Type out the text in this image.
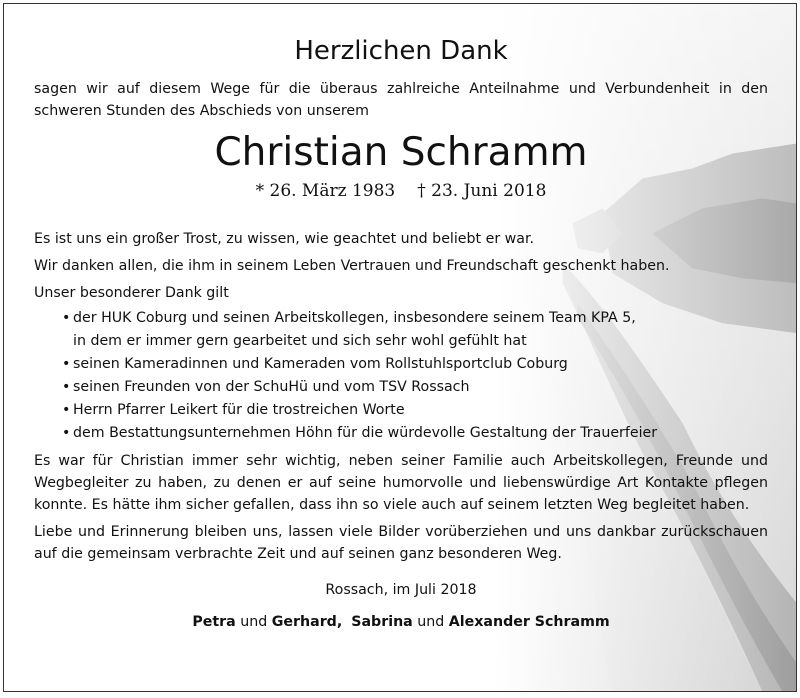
Herzlichen Dank

sagen wir auf diesem Wege für die überaus zahlreiche Anteilnahme und Verbundenheit in den schweren Stunden des Abschieds von unserem

Christian Schramm
* 26. März 1983 † 23. Juni 2018

Es ist uns ein großer Trost, zu wissen, wie geachtet und beliebt er war.

Wir danken allen, die ihm in seinem Leben Vertrauen und Freundschaft geschenkt haben.

Unser besonderer Dank gilt

• der HUK Coburg und seinen Arbeitskollegen, insbesondere seinem Team KPA 5,
in dem er immer gern gearbeitet und sich sehr wohl gefühlt hat
• seinen Kameradinnen und Kameraden vom Rollstuhlsportclub Coburg
• seinen Freunden von der SchuHü und vom TSV Rossach
• Herrn Pfarrer Leikert für die trostreichen Worte
• dem Bestattungsunternehmen Höhn für die würdevolle Gestaltung der Trauerfeier

Es war für Christian immer sehr wichtig, neben seiner Familie auch Arbeitskollegen, Freunde und Wegbegleiter zu haben, zu denen er auf seine humorvolle und liebenswürdige Art Kontakte pflegen konnte. Es hätte ihm sicher gefallen, dass ihn so viele auch auf seinem letzten Weg begleitet haben.

Liebe und Erinnerung bleiben uns, lassen viele Bilder vorüberziehen und uns dankbar zurückschauen auf die gemeinsam verbrachte Zeit und auf seinen ganz besonderen Weg.

Rossach, im Juli 2018

Petra und Gerhard, Sabrina und Alexander Schramm
